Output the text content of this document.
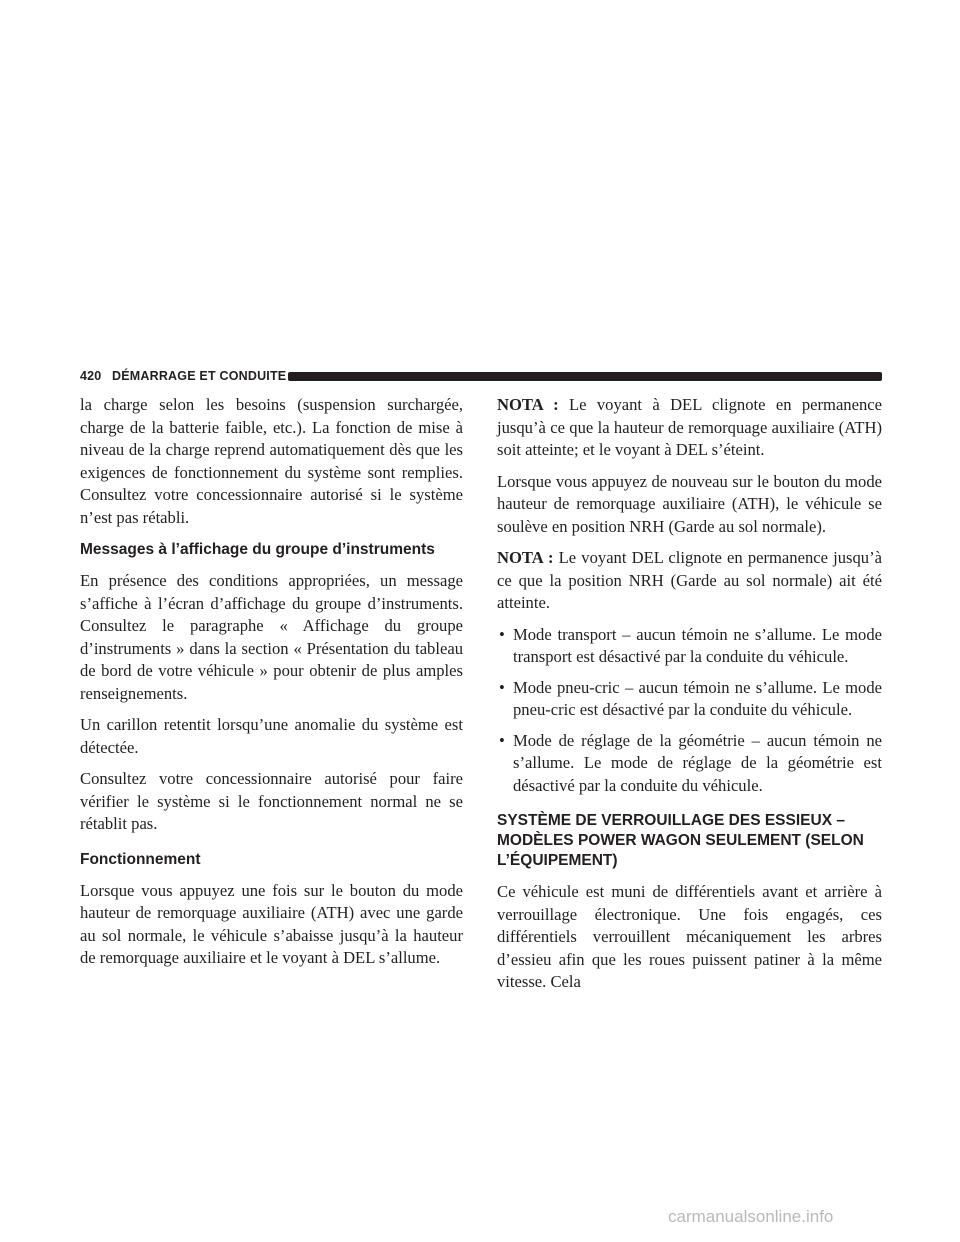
420 DÉMARRAGE ET CONDUITE

la charge selon les besoins (suspension surchargée, charge de la batterie faible, etc.). La fonction de mise à niveau de la charge reprend automatiquement dès que les exigences de fonctionnement du système sont remplies. Consultez votre concessionnaire autorisé si le système n’est pas rétabli.

Messages à l’affichage du groupe d’instruments

En présence des conditions appropriées, un message s’affiche à l’écran d’affichage du groupe d’instruments. Consultez le paragraphe « Affichage du groupe d’instruments » dans la section « Présentation du tableau de bord de votre véhicule » pour obtenir de plus amples renseignements.

Un carillon retentit lorsqu’une anomalie du système est détectée.

Consultez votre concessionnaire autorisé pour faire vérifier le système si le fonctionnement normal ne se rétablit pas.

Fonctionnement

Lorsque vous appuyez une fois sur le bouton du mode hauteur de remorquage auxiliaire (ATH) avec une garde au sol normale, le véhicule s’abaisse jusqu’à la hauteur de remorquage auxiliaire et le voyant à DEL s’allume.

NOTA : Le voyant à DEL clignote en permanence jusqu’à ce que la hauteur de remorquage auxiliaire (ATH) soit atteinte; et le voyant à DEL s’éteint.

Lorsque vous appuyez de nouveau sur le bouton du mode hauteur de remorquage auxiliaire (ATH), le véhicule se soulève en position NRH (Garde au sol normale).

NOTA : Le voyant DEL clignote en permanence jusqu’à ce que la position NRH (Garde au sol normale) ait été atteinte.

• Mode transport – aucun témoin ne s’allume. Le mode transport est désactivé par la conduite du véhicule.
• Mode pneu-cric – aucun témoin ne s’allume. Le mode pneu-cric est désactivé par la conduite du véhicule.
• Mode de réglage de la géométrie – aucun témoin ne s’allume. Le mode de réglage de la géométrie est désactivé par la conduite du véhicule.
SYSTÈME DE VERROUILLAGE DES ESSIEUX – MODÈLES POWER WAGON SEULEMENT (SELON L’ÉQUIPEMENT)

Ce véhicule est muni de différentiels avant et arrière à verrouillage électronique. Une fois engagés, ces différentiels verrouillent mécaniquement les arbres d’essieu afin que les roues puissent patiner à la même vitesse. Cela

carmanualsonline.info
